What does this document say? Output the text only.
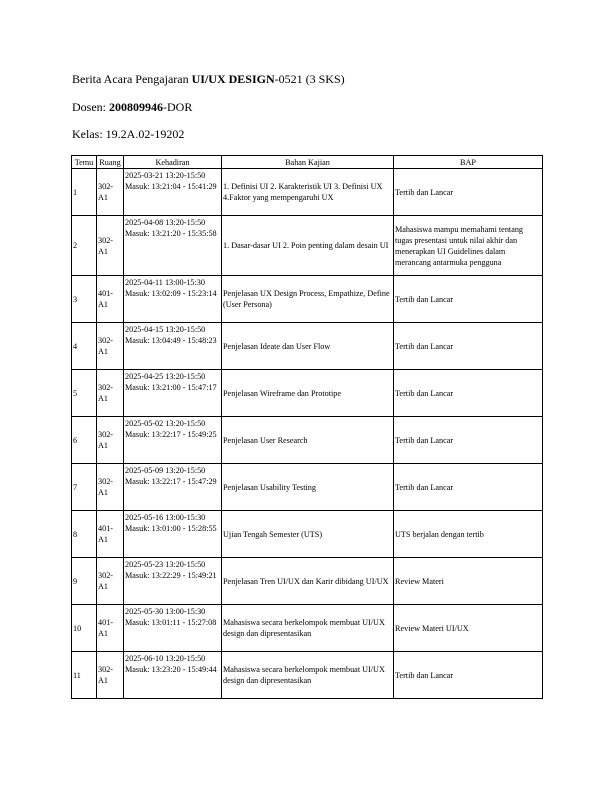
Berita Acara Pengajaran UI/UX DESIGN-0521 (3 SKS)
Dosen: 200809946-DOR
Kelas: 19.2A.02-19202
Temu	Ruang	Kehadiran	Bahan Kajian	BAP
1	302-A1	2025-03-21 13:20-15:50
Masuk: 13:21:04 - 15:41:29	1. Definisi UI 2. Karakteristik UI 3. Definisi UX 4.Faktor yang mempengaruhi UX	Tertib dan Lancar
2	302-A1	2025-04-08 13:20-15:50
Masuk: 13:21:20 - 15:35:58	1. Dasar-dasar UI 2. Poin penting dalam desain UI	Mahasiswa mampu memahami tentang tugas presentasi untuk nilai akhir dan menerapkan UI Guidelines dalam merancang antarmuka pengguna
3	401-A1	2025-04-11 13:00-15:30
Masuk: 13:02:09 - 15:23:14	Penjelasan UX Design Process, Empathize, Define (User Persona)	Tertib dan Lancar
4	302-A1	2025-04-15 13:20-15:50
Masuk: 13:04:49 - 15:48:23	Penjelasan Ideate dan User Flow	Tertib dan Lancar
5	302-A1	2025-04-25 13:20-15:50
Masuk: 13:21:00 - 15:47:17	Penjelasan Wireframe dan Prototipe	Tertib dan Lancar
6	302-A1	2025-05-02 13:20-15:50
Masuk: 13:22:17 - 15:49:25	Penjelasan User Research	Tertib dan Lancar
7	302-A1	2025-05-09 13:20-15:50
Masuk: 13:22:17 - 15:47:29	Penjelasan Usability Testing	Tertib dan Lancar
8	401-A1	2025-05-16 13:00-15:30
Masuk: 13:01:00 - 15:28:55	Ujian Tengah Semester (UTS)	UTS berjalan dengan tertib
9	302-A1	2025-05-23 13:20-15:50
Masuk: 13:22:29 - 15:49:21	Penjelasan Tren UI/UX dan Karir dibidang UI/UX	Review Materi
10	401-A1	2025-05-30 13:00-15:30
Masuk: 13:01:11 - 15:27:08	Mahasiswa secara berkelompok membuat UI/UX design dan dipresentasikan	Review Materi UI/UX
11	302-A1	2025-06-10 13:20-15:50
Masuk: 13:23:20 - 15:49:44	Mahasiswa secara berkelompok membuat UI/UX design dan dipresentasikan	Tertib dan Lancar
